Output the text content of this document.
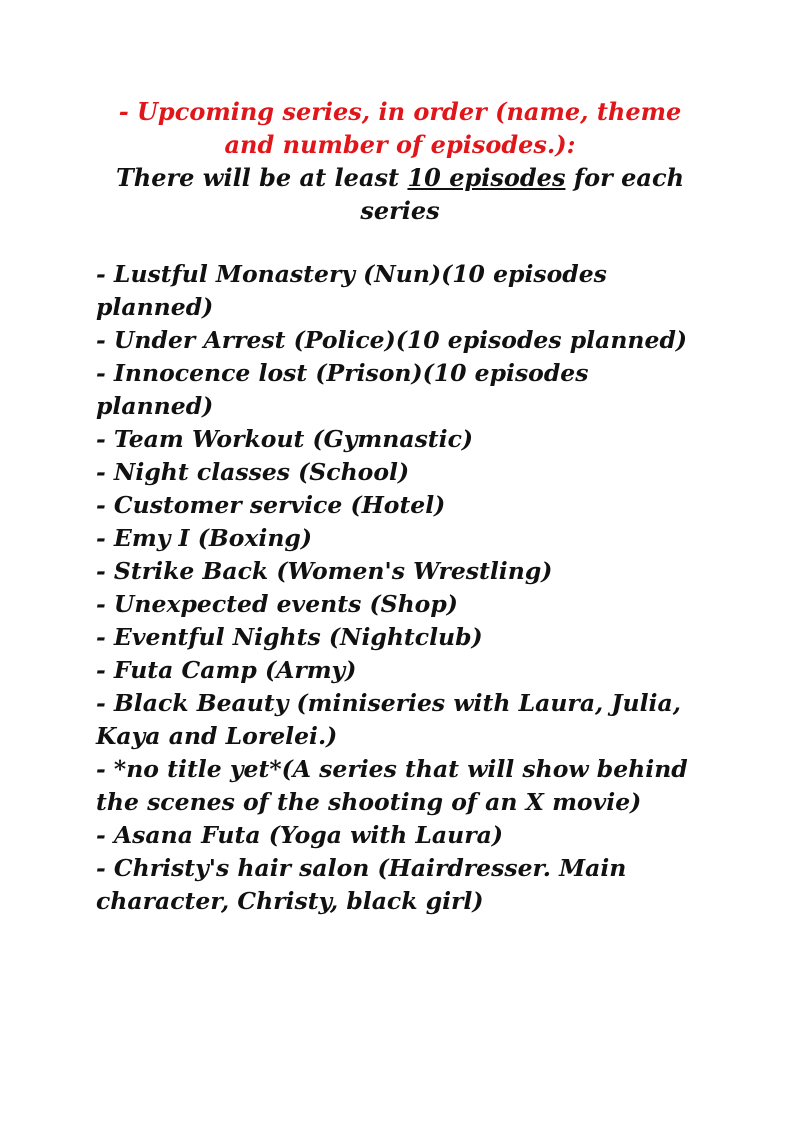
- Upcoming series, in order (name, theme and number of episodes.):
There will be at least 10 episodes for each series
- Lustful Monastery (Nun)(10 episodes planned)
- Under Arrest (Police)(10 episodes planned)
- Innocence lost (Prison)(10 episodes planned)
- Team Workout (Gymnastic)
- Night classes (School)
- Customer service (Hotel)
- Emy I (Boxing)
- Strike Back (Women's Wrestling)
- Unexpected events (Shop)
- Eventful Nights (Nightclub)
- Futa Camp (Army)
- Black Beauty (miniseries with Laura, Julia, Kaya and Lorelei.)
- *no title yet*(A series that will show behind the scenes of the shooting of an X movie)
- Asana Futa (Yoga with Laura)
- Christy's hair salon (Hairdresser. Main character, Christy, black girl)
